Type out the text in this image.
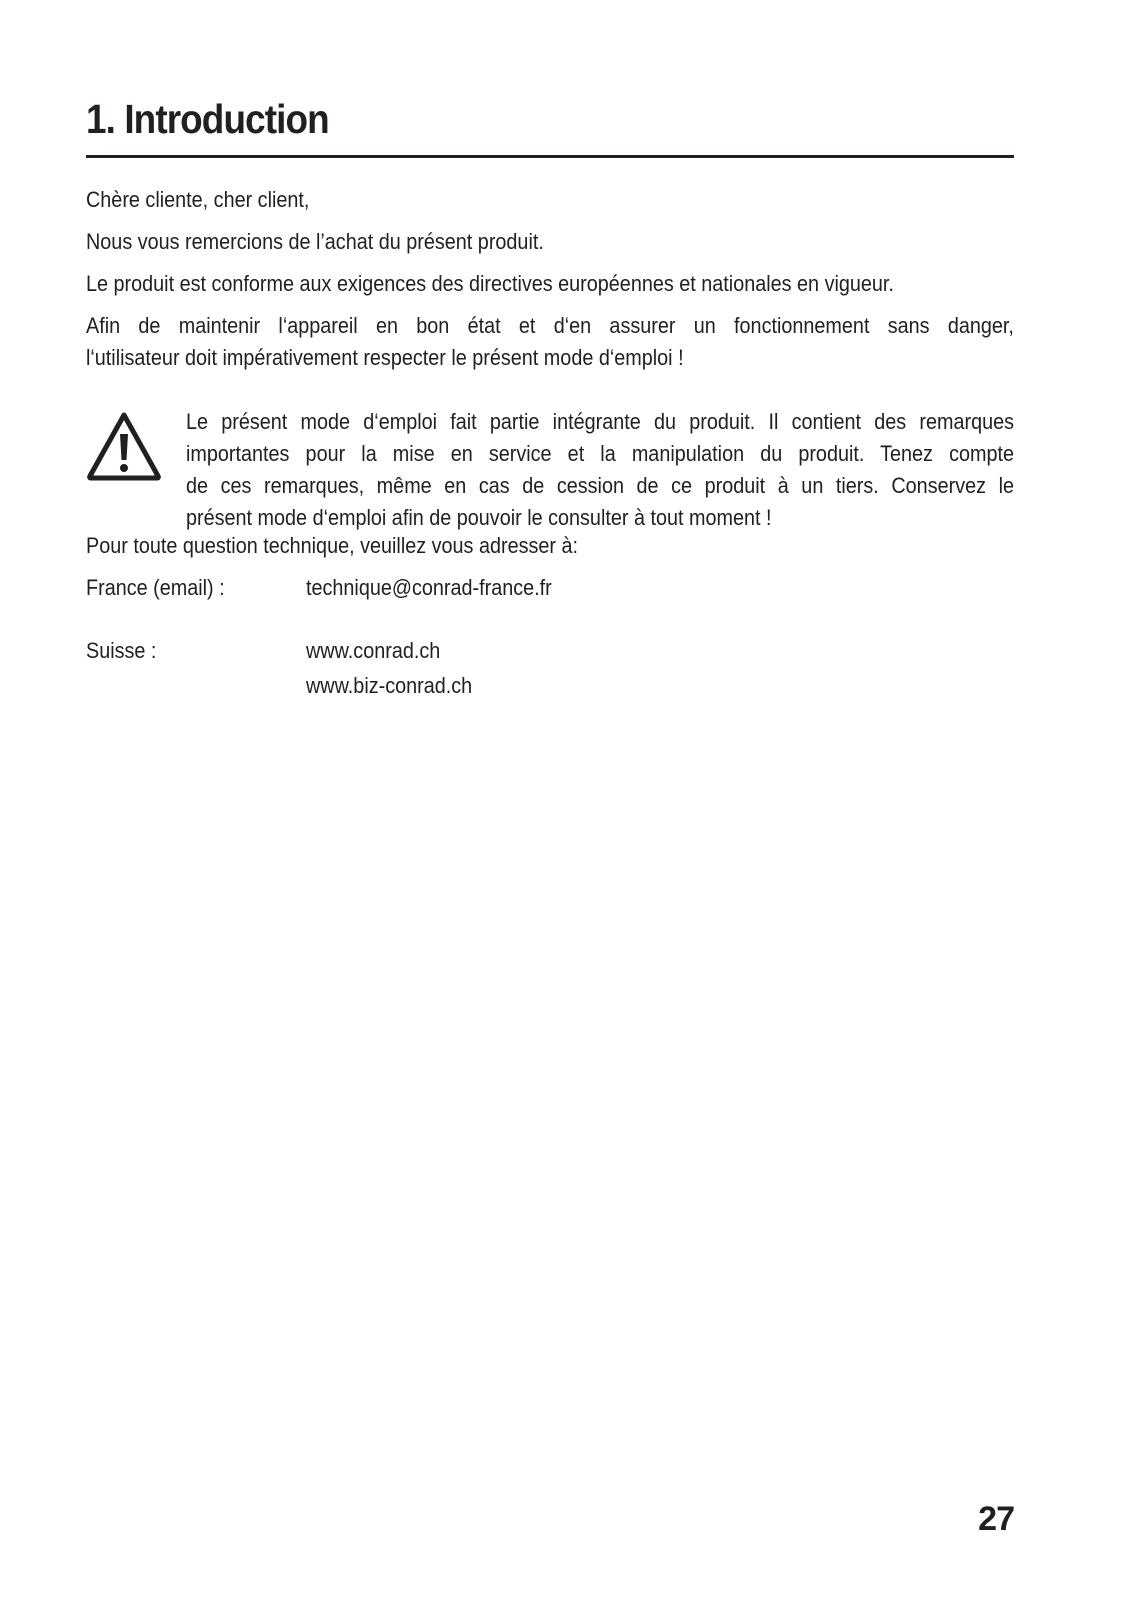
1. Introduction

Chère cliente, cher client,

Nous vous remercions de l’achat du présent produit.

Le produit est conforme aux exigences des directives européennes et nationales en vigueur.

Afin de maintenir l‘appareil en bon état et d‘en assurer un fonctionnement sans danger,
l‘utilisateur doit impérativement respecter le présent mode d‘emploi !
Le présent mode d‘emploi fait partie intégrante du produit. Il contient des remarques
importantes pour la mise en service et la manipulation du produit. Tenez compte
de ces remarques, même en cas de cession de ce produit à un tiers. Conservez le
présent mode d‘emploi afin de pouvoir le consulter à tout moment !

Pour toute question technique, veuillez vous adresser à:

France (email) :	technique@conrad-france.fr
Suisse :	www.conrad.ch
www.biz-conrad.ch
27
